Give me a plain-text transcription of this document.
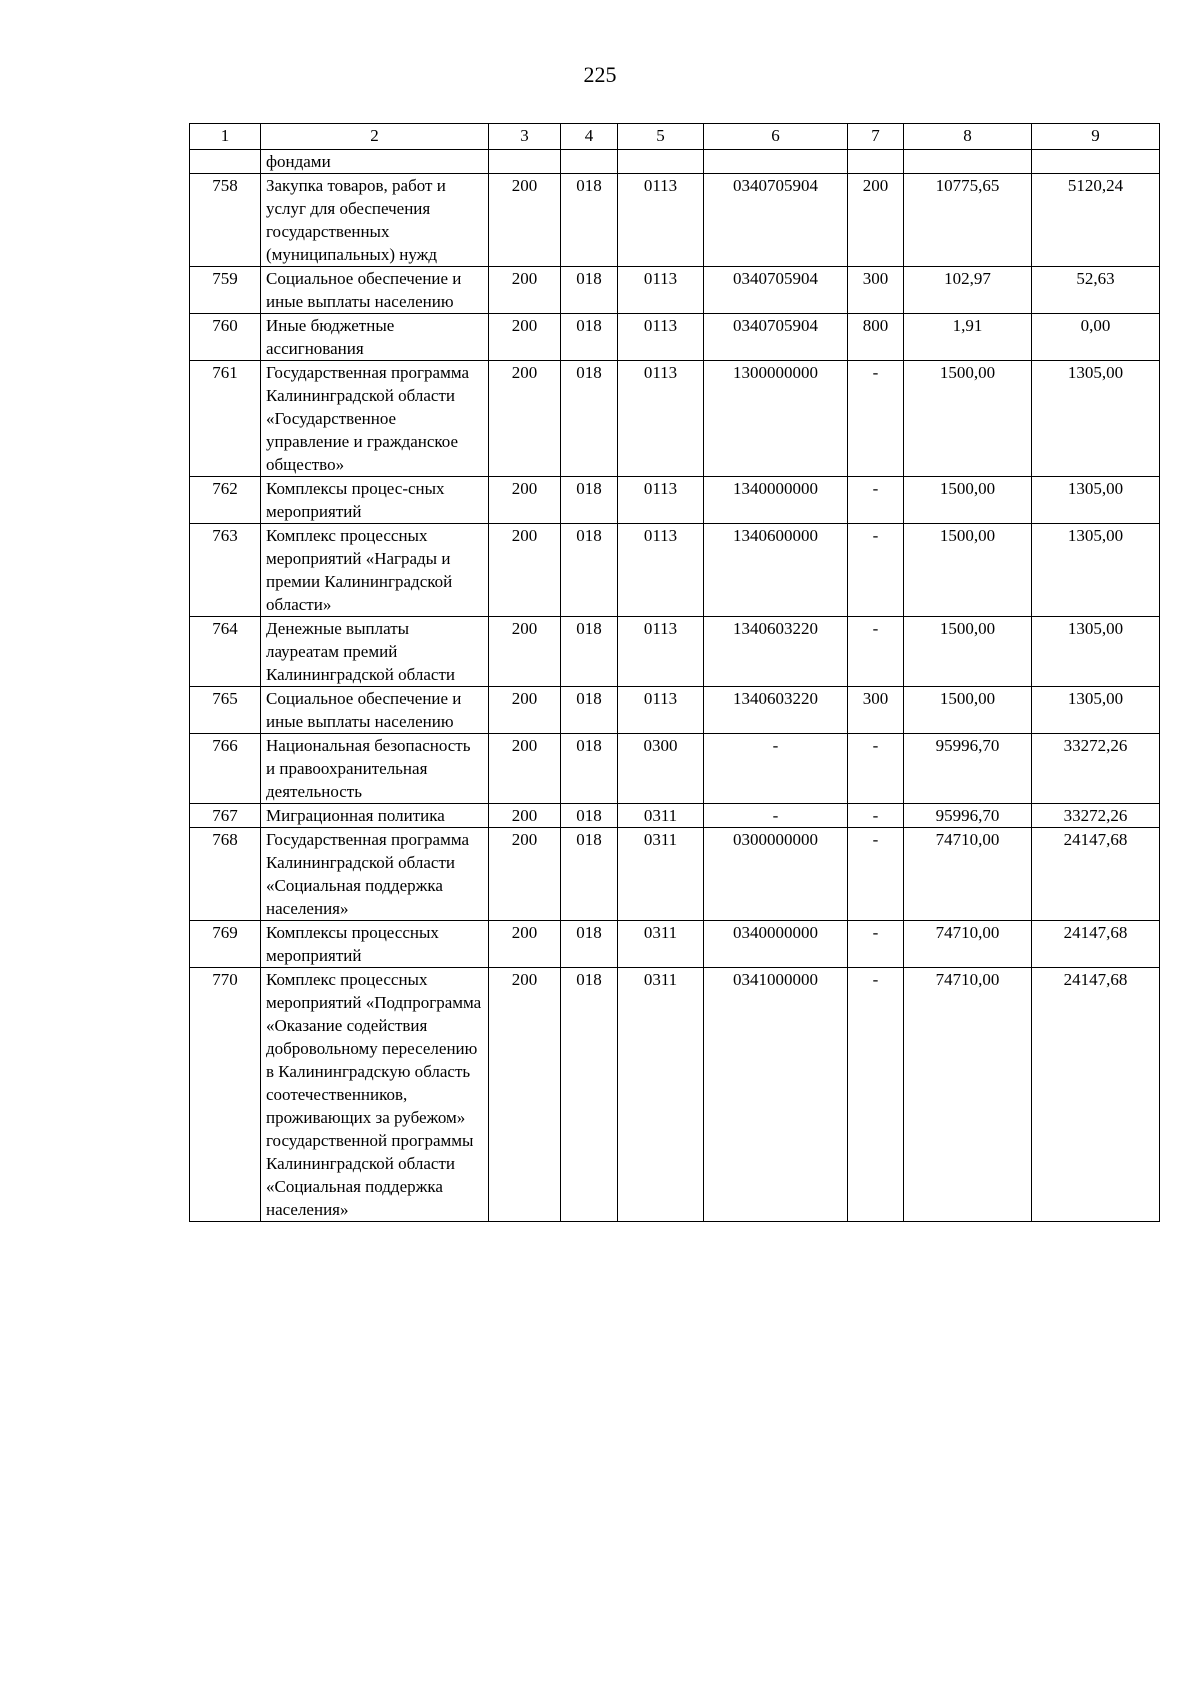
225
1	2	3	4	5	6	7	8	9
	фондами							
758	Закупка товаров, работ и услуг для обеспечения государственных (муниципальных) нужд	200	018	0113	0340705904	200	10775,65	5120,24
759	Социальное обеспечение и иные выплаты населению	200	018	0113	0340705904	300	102,97	52,63
760	Иные бюджетные ассигнования	200	018	0113	0340705904	800	1,91	0,00
761	Государственная программа Калининградской области «Государственное управление и гражданское общество»	200	018	0113	1300000000	-	1500,00	1305,00
762	Комплексы процес-сных мероприятий	200	018	0113	1340000000	-	1500,00	1305,00
763	Комплекс процессных мероприятий «Награды и премии Калининградской области»	200	018	0113	1340600000	-	1500,00	1305,00
764	Денежные выплаты лауреатам премий Калининградской области	200	018	0113	1340603220	-	1500,00	1305,00
765	Социальное обеспечение и иные выплаты населению	200	018	0113	1340603220	300	1500,00	1305,00
766	Национальная безопасность и правоохранительная деятельность	200	018	0300	-	-	95996,70	33272,26
767	Миграционная политика	200	018	0311	-	-	95996,70	33272,26
768	Государственная программа Калининградской области «Социальная поддержка населения»	200	018	0311	0300000000	-	74710,00	24147,68
769	Комплексы процессных мероприятий	200	018	0311	0340000000	-	74710,00	24147,68
770	Комплекс процессных мероприятий «Подпрограмма «Оказание содействия добровольному переселению в Калининградскую область соотечественников, проживающих за рубежом» государственной программы Калининградской области «Социальная поддержка населения»	200	018	0311	0341000000	-	74710,00	24147,68
